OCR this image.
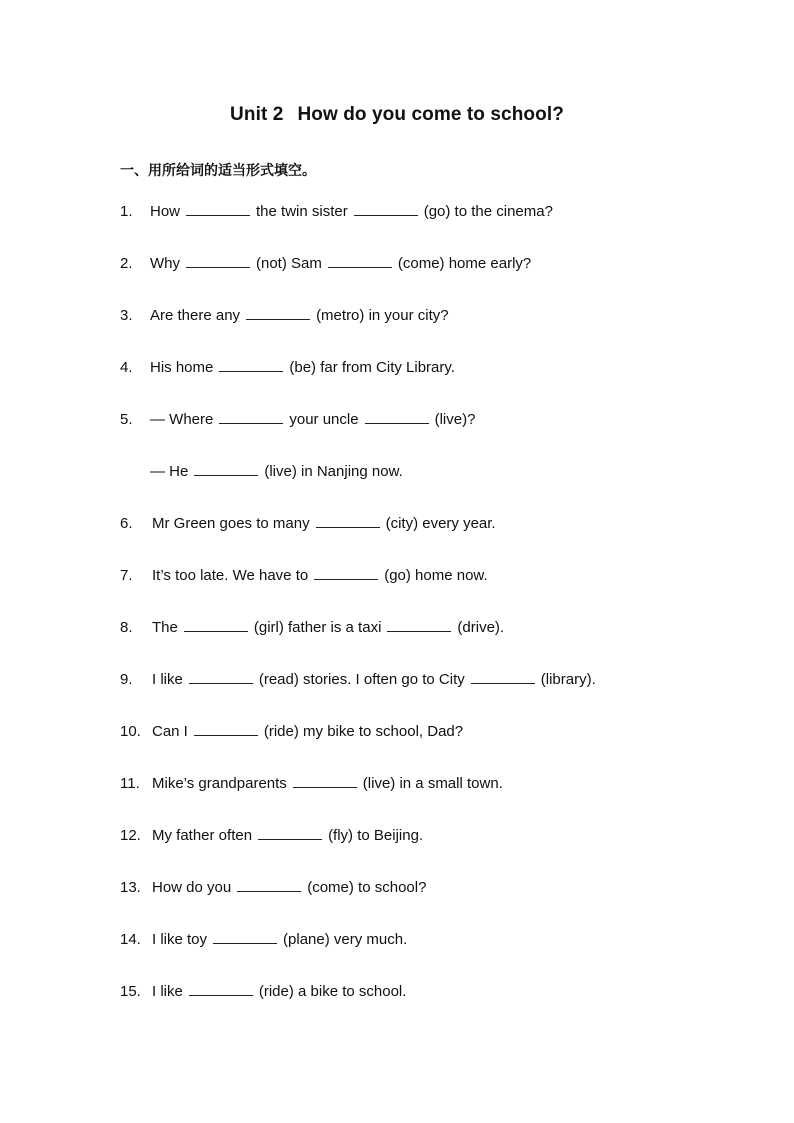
Unit 2 How do you come to school?
一、用所给词的适当形式填空。
1. How	the twin sister	(go) to the cinema?
2. Why	(not) Sam	(come) home early?
3. Are there any	(metro) in your city?
4. His home	(be) far from City Library.
5. — Where	your uncle	(live)?
— He	(live) in Nanjing now.
6. Mr Green goes to many	(city) every year.
7. It’s too late. We have to	(go) home now.
8. The	(girl) father is a taxi	(drive).
9. I like	(read) stories. I often go to City	(library).
10. Can I	(ride) my bike to school, Dad?
11. Mike’s grandparents	(live) in a small town.
12. My father often	(fly) to Beijing.
13. How do you	(come) to school?
14. I like toy	(plane) very much.
15. I like	(ride) a bike to school.
